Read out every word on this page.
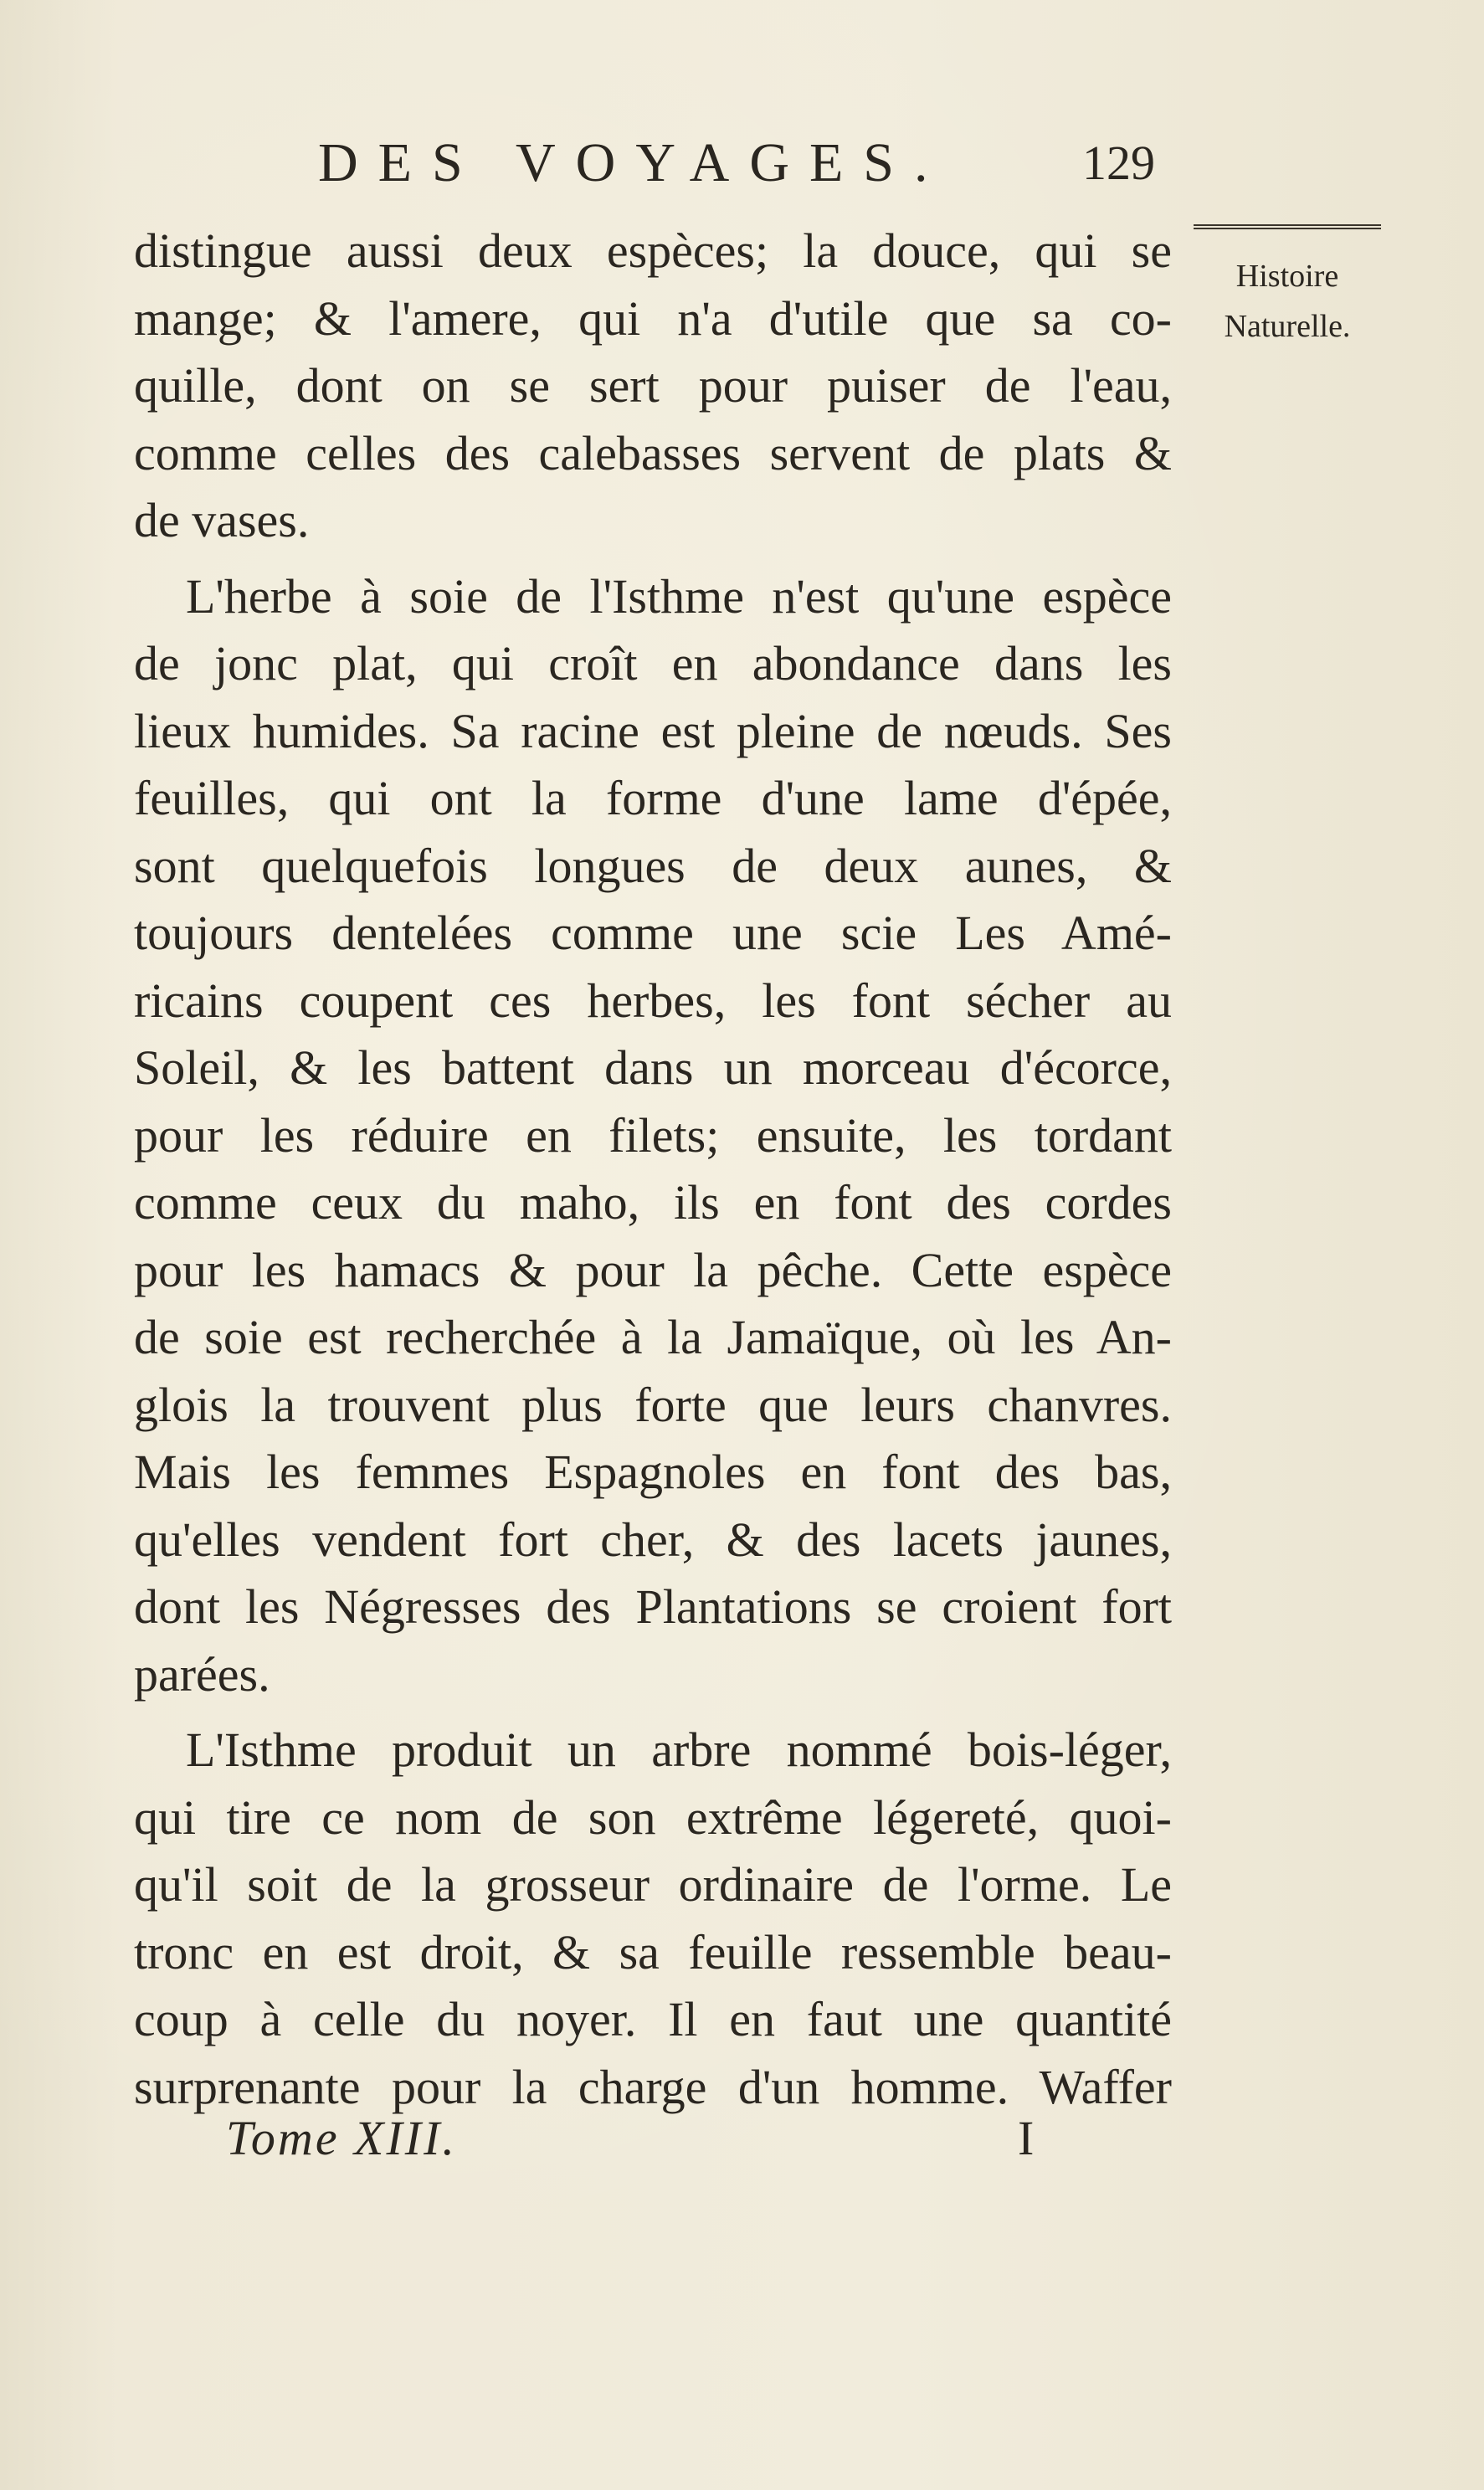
DES VOYAGES.	129
Histoire
Naturelle.
distingue aussi deux espèces; la douce, qui se
mange; & l'amere, qui n'a d'utile que sa co-
quille, dont on se sert pour puiser de l'eau,
comme celles des calebasses servent de plats &
de vases.
L'herbe à soie de l'Isthme n'est qu'une espèce
de jonc plat, qui croît en abondance dans les
lieux humides. Sa racine est pleine de nœuds. Ses
feuilles, qui ont la forme d'une lame d'épée,
sont quelquefois longues de deux aunes, &
toujours dentelées comme une scie Les Amé-
ricains coupent ces herbes, les font sécher au
Soleil, & les battent dans un morceau d'écorce,
pour les réduire en filets; ensuite, les tordant
comme ceux du maho, ils en font des cordes
pour les hamacs & pour la pêche. Cette espèce
de soie est recherchée à la Jamaïque, où les An-
glois la trouvent plus forte que leurs chanvres.
Mais les femmes Espagnoles en font des bas,
qu'elles vendent fort cher, & des lacets jaunes,
dont les Négresses des Plantations se croient fort
parées.
L'Isthme produit un arbre nommé bois-léger,
qui tire ce nom de son extrême légereté, quoi-
qu'il soit de la grosseur ordinaire de l'orme. Le
tronc en est droit, & sa feuille ressemble beau-
coup à celle du noyer. Il en faut une quantité
surprenante pour la charge d'un homme. Waffer
Tome XIII.	I
